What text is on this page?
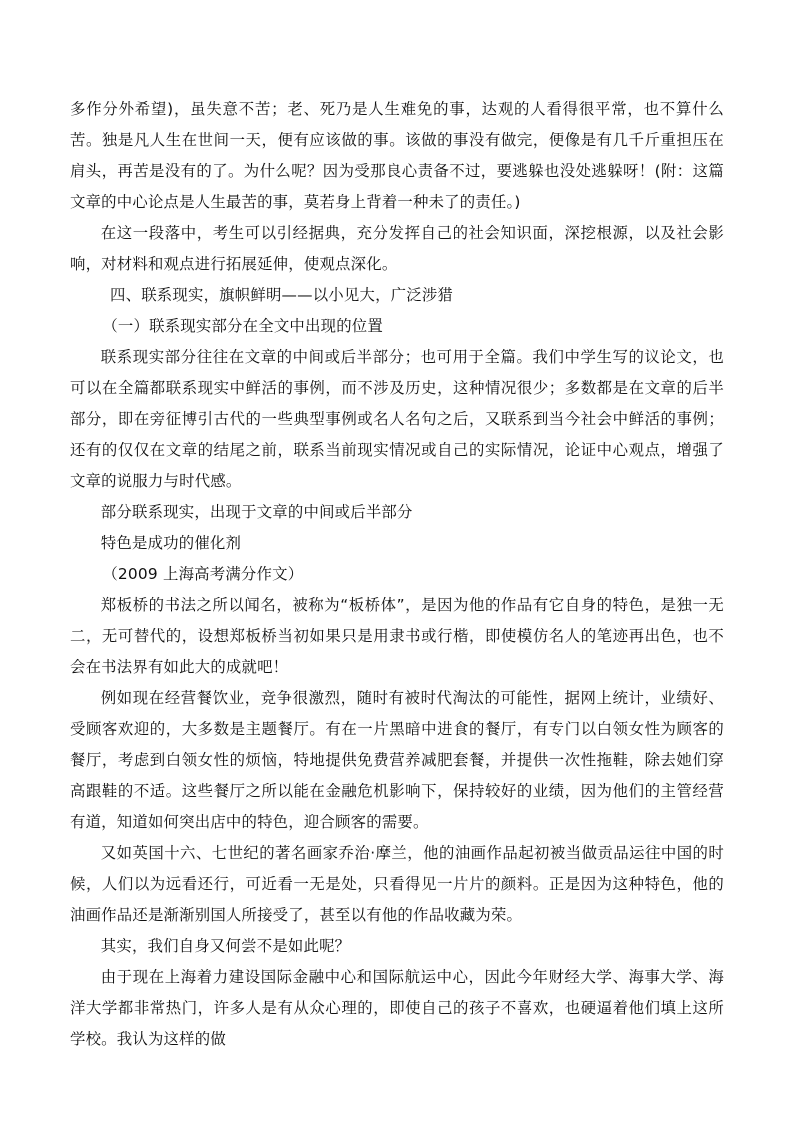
多作分外希望)，虽失意不苦；老、死乃是人生难免的事，达观的人看得很平常，也不算什么苦。独是凡人生在世间一天，便有应该做的事。该做的事没有做完，便像是有几千斤重担压在肩头，再苦是没有的了。为什么呢？因为受那良心责备不过，要逃躲也没处逃躲呀！(附：这篇文章的中心论点是人生最苦的事，莫若身上背着一种未了的责任。)

在这一段落中，考生可以引经据典，充分发挥自己的社会知识面，深挖根源，以及社会影响，对材料和观点进行拓展延伸，使观点深化。

四、联系现实，旗帜鲜明——以小见大，广泛涉猎

（一）联系现实部分在全文中出现的位置

联系现实部分往往在文章的中间或后半部分；也可用于全篇。我们中学生写的议论文，也可以在全篇都联系现实中鲜活的事例，而不涉及历史，这种情况很少；多数都是在文章的后半部分，即在旁征博引古代的一些典型事例或名人名句之后，又联系到当今社会中鲜活的事例；还有的仅仅在文章的结尾之前，联系当前现实情况或自己的实际情况，论证中心观点，增强了文章的说服力与时代感。

部分联系现实，出现于文章的中间或后半部分

特色是成功的催化剂

（2009 上海高考满分作文）

郑板桥的书法之所以闻名，被称为“板桥体”，是因为他的作品有它自身的特色，是独一无二，无可替代的，设想郑板桥当初如果只是用隶书或行楷，即使模仿名人的笔迹再出色，也不会在书法界有如此大的成就吧！

例如现在经营餐饮业，竞争很激烈，随时有被时代淘汰的可能性，据网上统计，业绩好、受顾客欢迎的，大多数是主题餐厅。有在一片黑暗中进食的餐厅，有专门以白领女性为顾客的餐厅，考虑到白领女性的烦恼，特地提供免费营养减肥套餐，并提供一次性拖鞋，除去她们穿高跟鞋的不适。这些餐厅之所以能在金融危机影响下，保持较好的业绩，因为他们的主管经营有道，知道如何突出店中的特色，迎合顾客的需要。

又如英国十六、七世纪的著名画家乔治·摩兰，他的油画作品起初被当做贡品运往中国的时候，人们以为远看还行，可近看一无是处，只看得见一片片的颜料。正是因为这种特色，他的油画作品还是渐渐别国人所接受了，甚至以有他的作品收藏为荣。

其实，我们自身又何尝不是如此呢？

由于现在上海着力建设国际金融中心和国际航运中心，因此今年财经大学、海事大学、海洋大学都非常热门，许多人是有从众心理的，即使自己的孩子不喜欢，也硬逼着他们填上这所学校。我认为这样的做
